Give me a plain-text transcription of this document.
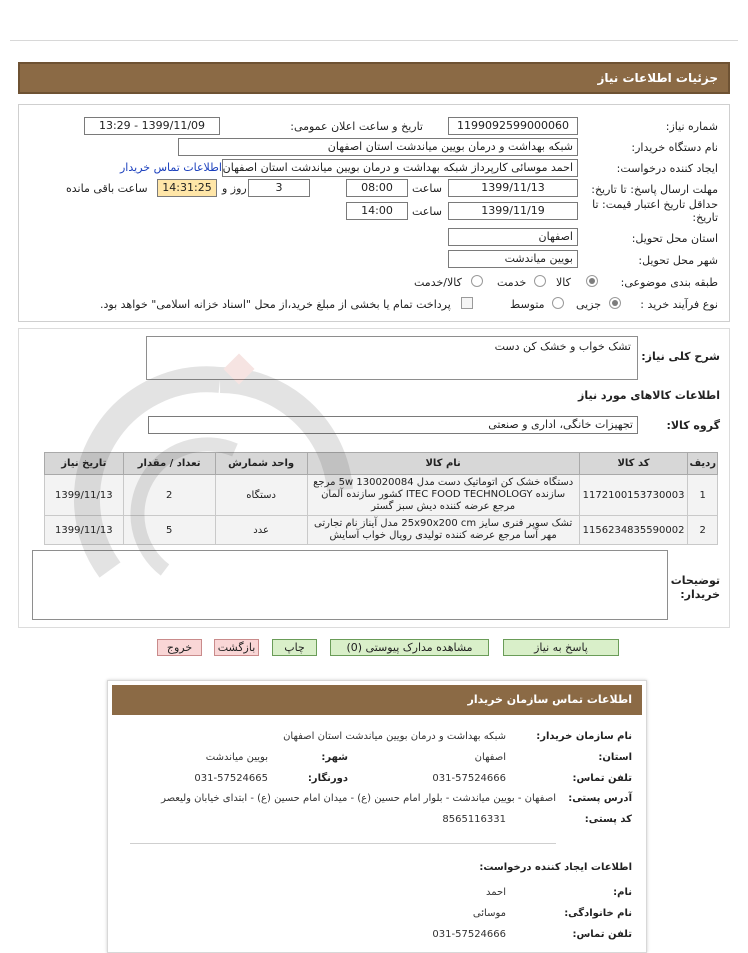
جزئیات اطلاعات نیاز
شماره نیاز:
1199092599000060
تاریخ و ساعت اعلان عمومی:
1399/11/09 - 13:29
نام دستگاه خریدار:
شبکه بهداشت و درمان بویین میاندشت استان اصفهان
ایجاد کننده درخواست:
احمد موسائی کارپرداز شبکه بهداشت و درمان بویین میاندشت استان اصفهان
اطلاعات تماس خریدار
مهلت ارسال پاسخ: تا تاریخ:
1399/11/13
ساعت
08:00
3
روز و
14:31:25
ساعت باقی مانده
حداقل تاریخ اعتبار قیمت: تا
تاریخ:
1399/11/19
ساعت
14:00
استان محل تحویل:
اصفهان
شهر محل تحویل:
بویین میاندشت
طبقه بندی موضوعی:
کالا
خدمت
کالا/خدمت
نوع فرآیند خرید :
جزیی
متوسط
پرداخت تمام یا بخشی از مبلغ خرید،از محل "اسناد خزانه اسلامی" خواهد بود.
شرح کلی نیاز:
تشک خواب و خشک کن دست
اطلاعات کالاهای مورد نیاز
گروه کالا:
تجهیزات خانگی، اداری و صنعتی
ردیف	کد کالا	نام کالا	واحد شمارش	تعداد / مقدار	تاریخ نیاز
1	1172100153730003	دستگاه خشک کن اتوماتیک دست مدل 5w 130020084 مرجع سازنده ITEC FOOD TECHNOLOGY کشور سازنده آلمان مرجع عرضه کننده دیش سبز گستر	دستگاه	2	1399/11/13
2	1156234835590002	تشک سوپر فنری سایز 25x90x200 cm مدل آیناز نام تجارتی مهر آسا مرجع عرضه کننده تولیدی رویال خواب آسایش	عدد	5	1399/11/13
توضیحات
خریدار:
پاسخ به نیاز
مشاهده مدارک پیوستی (0)
چاپ
بازگشت
خروج
اطلاعات تماس سازمان خریدار
نام سازمان خریدار:
شبکه بهداشت و درمان بویین میاندشت استان اصفهان
استان:
اصفهان
شهر:
بویین میاندشت
تلفن تماس:
031-57524666
دورنگار:
031-57524665
آدرس پستی:
اصفهان - بویین میاندشت - بلوار امام حسین (ع) - میدان امام حسین (ع) - ابتدای خیابان ولیعصر
کد پستی:
8565116331
اطلاعات ایجاد کننده درخواست:
نام:
احمد
نام خانوادگی:
موسائی
تلفن تماس:
031-57524666
